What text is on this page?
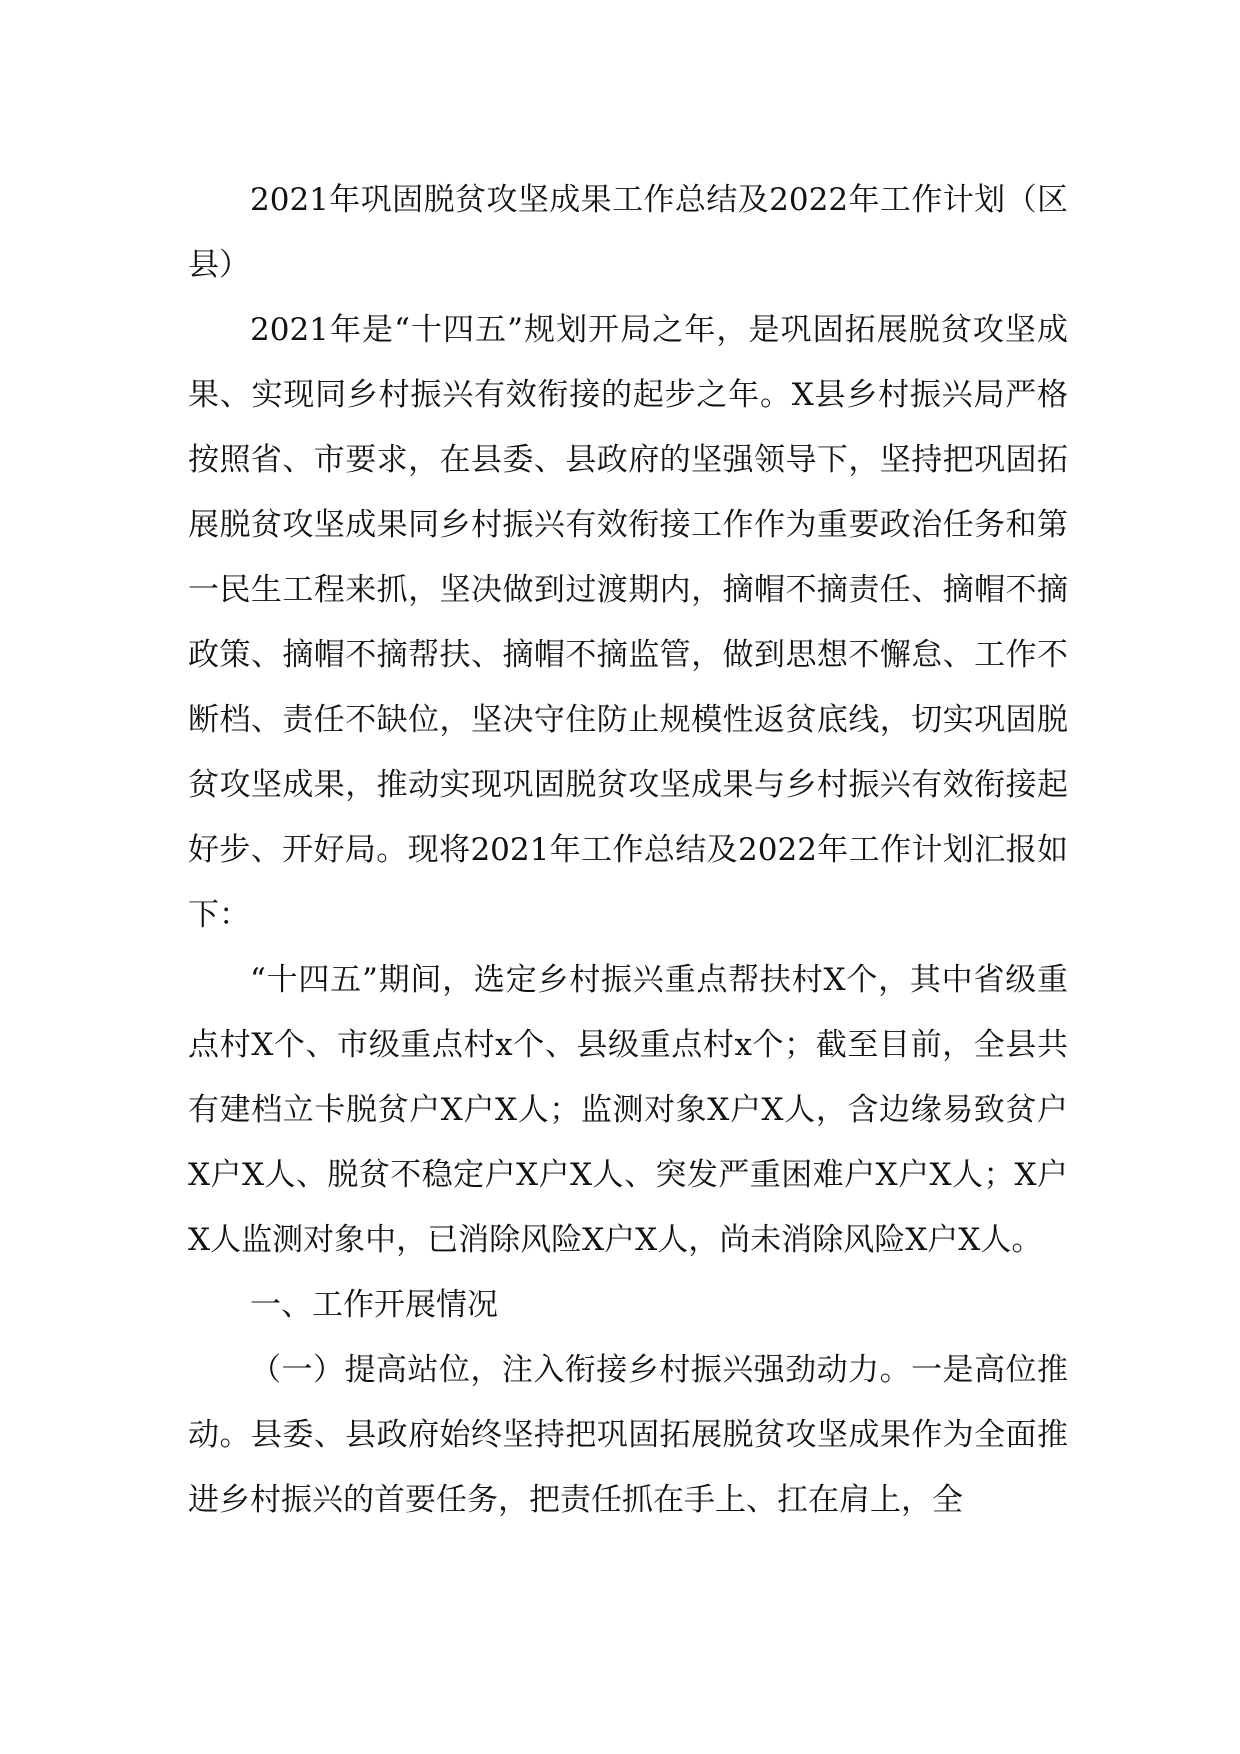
2021年巩固脱贫攻坚成果工作总结及2022年工作计划（区县）

2021年是“十四五”规划开局之年，是巩固拓展脱贫攻坚成果、实现同乡村振兴有效衔接的起步之年。X县乡村振兴局严格按照省、市要求，在县委、县政府的坚强领导下，坚持把巩固拓展脱贫攻坚成果同乡村振兴有效衔接工作作为重要政治任务和第一民生工程来抓，坚决做到过渡期内，摘帽不摘责任、摘帽不摘政策、摘帽不摘帮扶、摘帽不摘监管，做到思想不懈怠、工作不断档、责任不缺位，坚决守住防止规模性返贫底线，切实巩固脱贫攻坚成果，推动实现巩固脱贫攻坚成果与乡村振兴有效衔接起好步、开好局。现将2021年工作总结及2022年工作计划汇报如下：

“十四五”期间，选定乡村振兴重点帮扶村X个，其中省级重点村X个、市级重点村x个、县级重点村x个；截至目前，全县共有建档立卡脱贫户X户X人；监测对象X户X人，含边缘易致贫户X户X人、脱贫不稳定户X户X人、突发严重困难户X户X人；X户X人监测对象中，已消除风险X户X人，尚未消除风险X户X人。

一、工作开展情况

（一）提高站位，注入衔接乡村振兴强劲动力。一是高位推动。县委、县政府始终坚持把巩固拓展脱贫攻坚成果作为全面推进乡村振兴的首要任务，把责任抓在手上、扛在肩上，全
